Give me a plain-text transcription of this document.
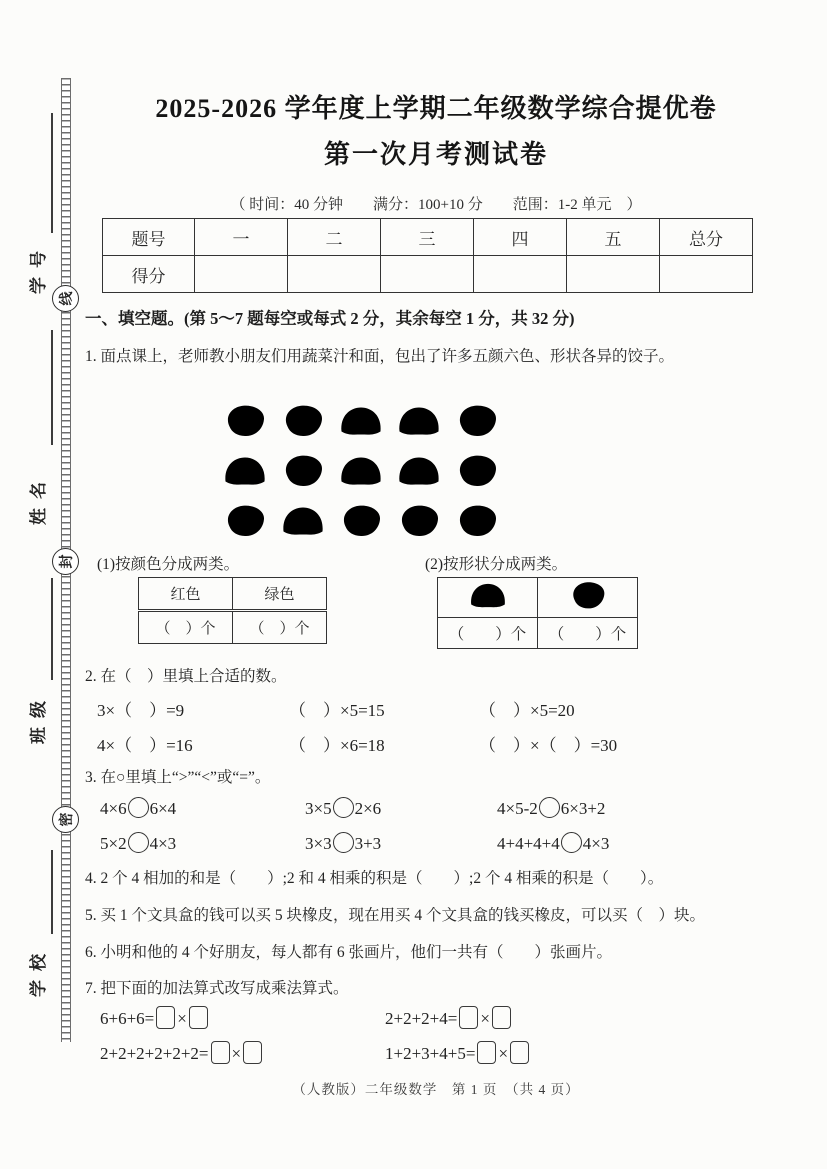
学号
姓名
班级
学校
线
封
密
2025-2026 学年度上学期二年级数学综合提优卷
第一次月考测试卷
（ 时间：40 分钟　　满分：100+10 分　　范围：1-2 单元　）
题号	一	二	三	四	五	总分
得分						
一、填空题。(第 5～7 题每空或每式 2 分，其余每空 1 分，共 32 分)
1. 面点课上，老师教小朋友们用蔬菜汁和面，包出了许多五颜六色、形状各异的饺子。
(1)按颜色分成两类。	(2)按形状分成两类。
红色	绿色
（　）个	（　）个
		（　　）个	（　　）个
2. 在（　）里填上合适的数。
3×（　）=9	（　）×5=15	（　）×5=20
4×（　）=16	（　）×6=18	（　）×（　）=30
3. 在○里填上“>”“<”或“=”。
4×6 6×4	3×5 2×6	4×5-2 6×3+2
5×2 4×3	3×3 3+3	4+4+4+4 4×3
4. 2 个 4 相加的和是（　　）;2 和 4 相乘的积是（　　）;2 个 4 相乘的积是（　　）。
5. 买 1 个文具盒的钱可以买 5 块橡皮，现在用买 4 个文具盒的钱买橡皮，可以买（　）块。
6. 小明和他的 4 个好朋友，每人都有 6 张画片，他们一共有（　　）张画片。
7. 把下面的加法算式改写成乘法算式。
6+6+6= ×	2+2+2+4= ×
2+2+2+2+2+2= ×	1+2+3+4+5= ×
（人教版）二年级数学　第 1 页　（共 4 页）
